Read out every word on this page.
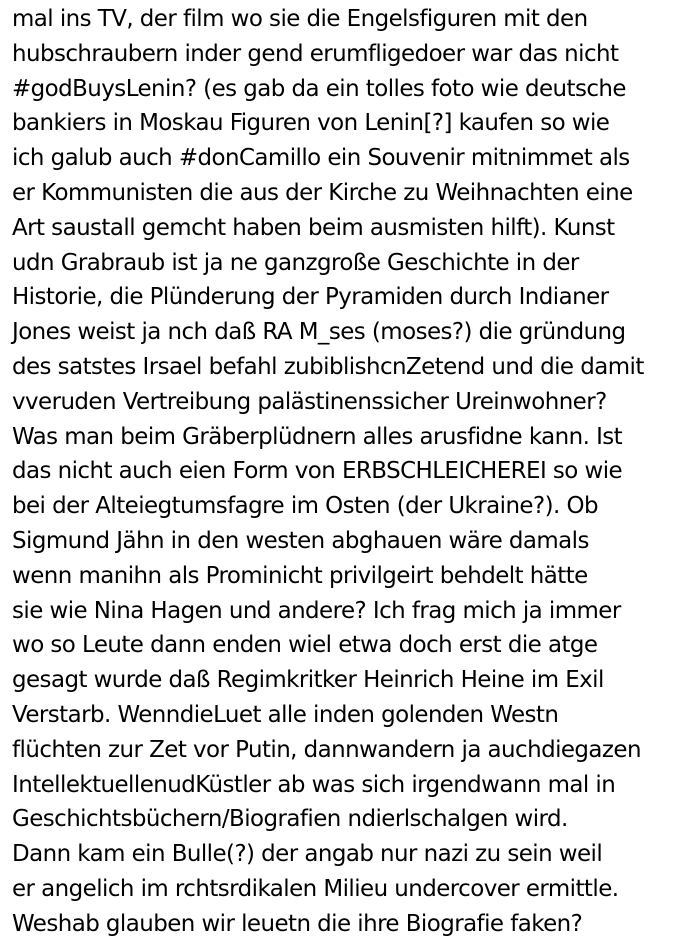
mal ins TV, der film wo sie die Engelsfiguren mit den
hubschraubern inder gend erumfligedoer war das nicht
#godBuysLenin? (es gab da ein tolles foto wie deutsche
bankiers in Moskau Figuren von Lenin[?] kaufen so wie
ich galub auch #donCamillo ein Souvenir mitnimmet als
er Kommunisten die aus der Kirche zu Weihnachten eine
Art saustall gemcht haben beim ausmisten hilft). Kunst
udn Grabraub ist ja ne ganzgroße Geschichte in der
Historie, die Plünderung der Pyramiden durch Indianer
Jones weist ja nch daß RA M_ses (moses?) die gründung
des satstes Irsael befahl zubiblishcnZetend und die damit
vveruden Vertreibung palästinenssicher Ureinwohner?
Was man beim Gräberplüdnern alles arusfidne kann. Ist
das nicht auch eien Form von ERBSCHLEICHEREI so wie
bei der Alteiegtumsfagre im Osten (der Ukraine?). Ob
Sigmund Jähn in den westen abghauen wäre damals
wenn manihn als Prominicht privilgeirt behdelt hätte
sie wie Nina Hagen und andere? Ich frag mich ja immer
wo so Leute dann enden wiel etwa doch erst die atge
gesagt wurde daß Regimkritker Heinrich Heine im Exil
Verstarb. WenndieLuet alle inden golenden Westn
flüchten zur Zet vor Putin, dannwandern ja auchdiegazen
IntellektuellenudKüstler ab was sich irgendwann mal in
Geschichtsbüchern/Biografien ndierlschalgen wird.
Dann kam ein Bulle(?) der angab nur nazi zu sein weil
er angelich im rchtsrdikalen Milieu undercover ermittle.
Weshab glauben wir leuetn die ihre Biografie faken?
